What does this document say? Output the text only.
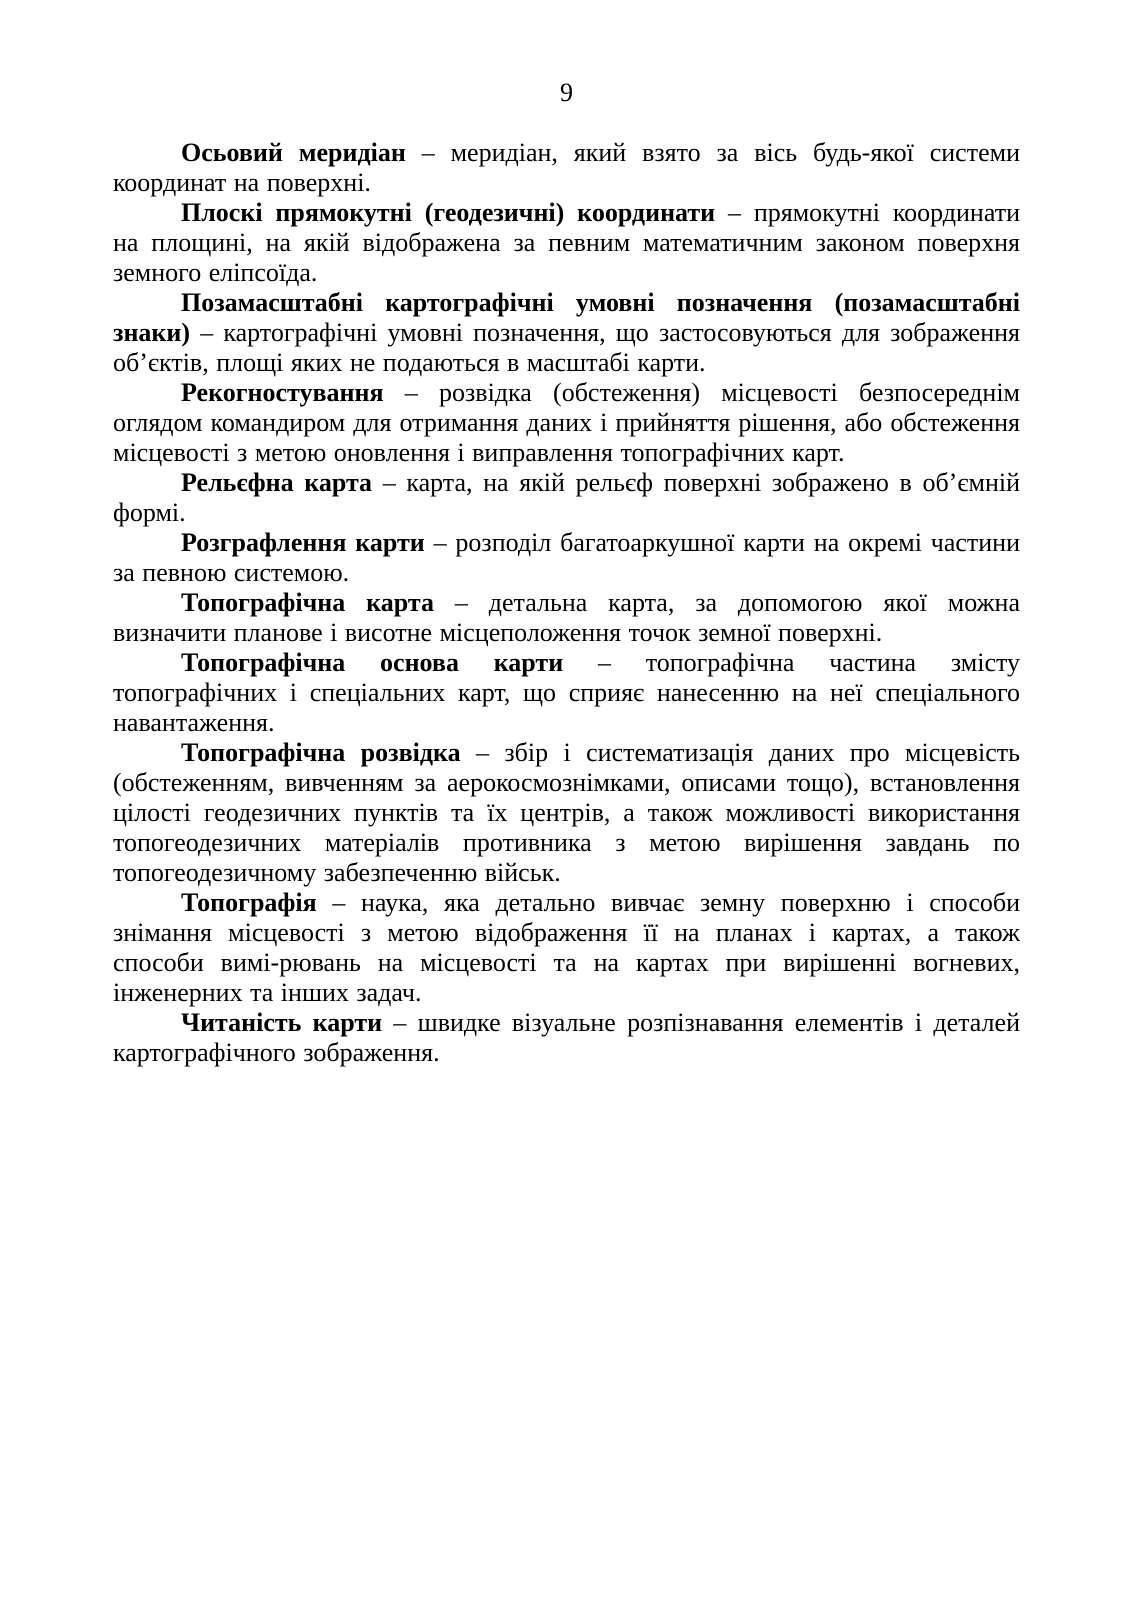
9

Осьовий меридіан – меридіан, який взято за вісь будь-якої системи координат на поверхні.

Плоскі прямокутні (геодезичні) координати – прямокутні координати на площині, на якій відображена за певним математичним законом поверхня земного еліпсоїда.

Позамасштабні картографічні умовні позначення (позамасштабні знаки) – картографічні умовні позначення, що застосовуються для зображення об’єктів, площі яких не подаються в масштабі карти.

Рекогностування – розвідка (обстеження) місцевості безпосереднім оглядом командиром для отримання даних і прийняття рішення, або обстеження місцевості з метою оновлення і виправлення топографічних карт.

Рельєфна карта – карта, на якій рельєф поверхні зображено в об’ємній формі.

Розграфлення карти – розподіл багатоаркушної карти на окремі частини за певною системою.

Топографічна карта – детальна карта, за допомогою якої можна визначити планове і висотне місцеположення точок земної поверхні.

Топографічна основа карти – топографічна частина змісту топографічних і спеціальних карт, що сприяє нанесенню на неї спеціального навантаження.

Топографічна розвідка – збір і систематизація даних про місцевість (обстеженням, вивченням за аерокосмознімками, описами тощо), встановлення цілості геодезичних пунктів та їх центрів, а також можливості використання топогеодезичних матеріалів противника з метою вирішення завдань по топогеодезичному забезпеченню військ.

Топографія – наука, яка детально вивчає земну поверхню і способи знімання місцевості з метою відображення її на планах і картах, а також способи вимі-рювань на місцевості та на картах при вирішенні вогневих, інженерних та інших задач.

Читаність карти – швидке візуальне розпізнавання елементів і деталей картографічного зображення.
